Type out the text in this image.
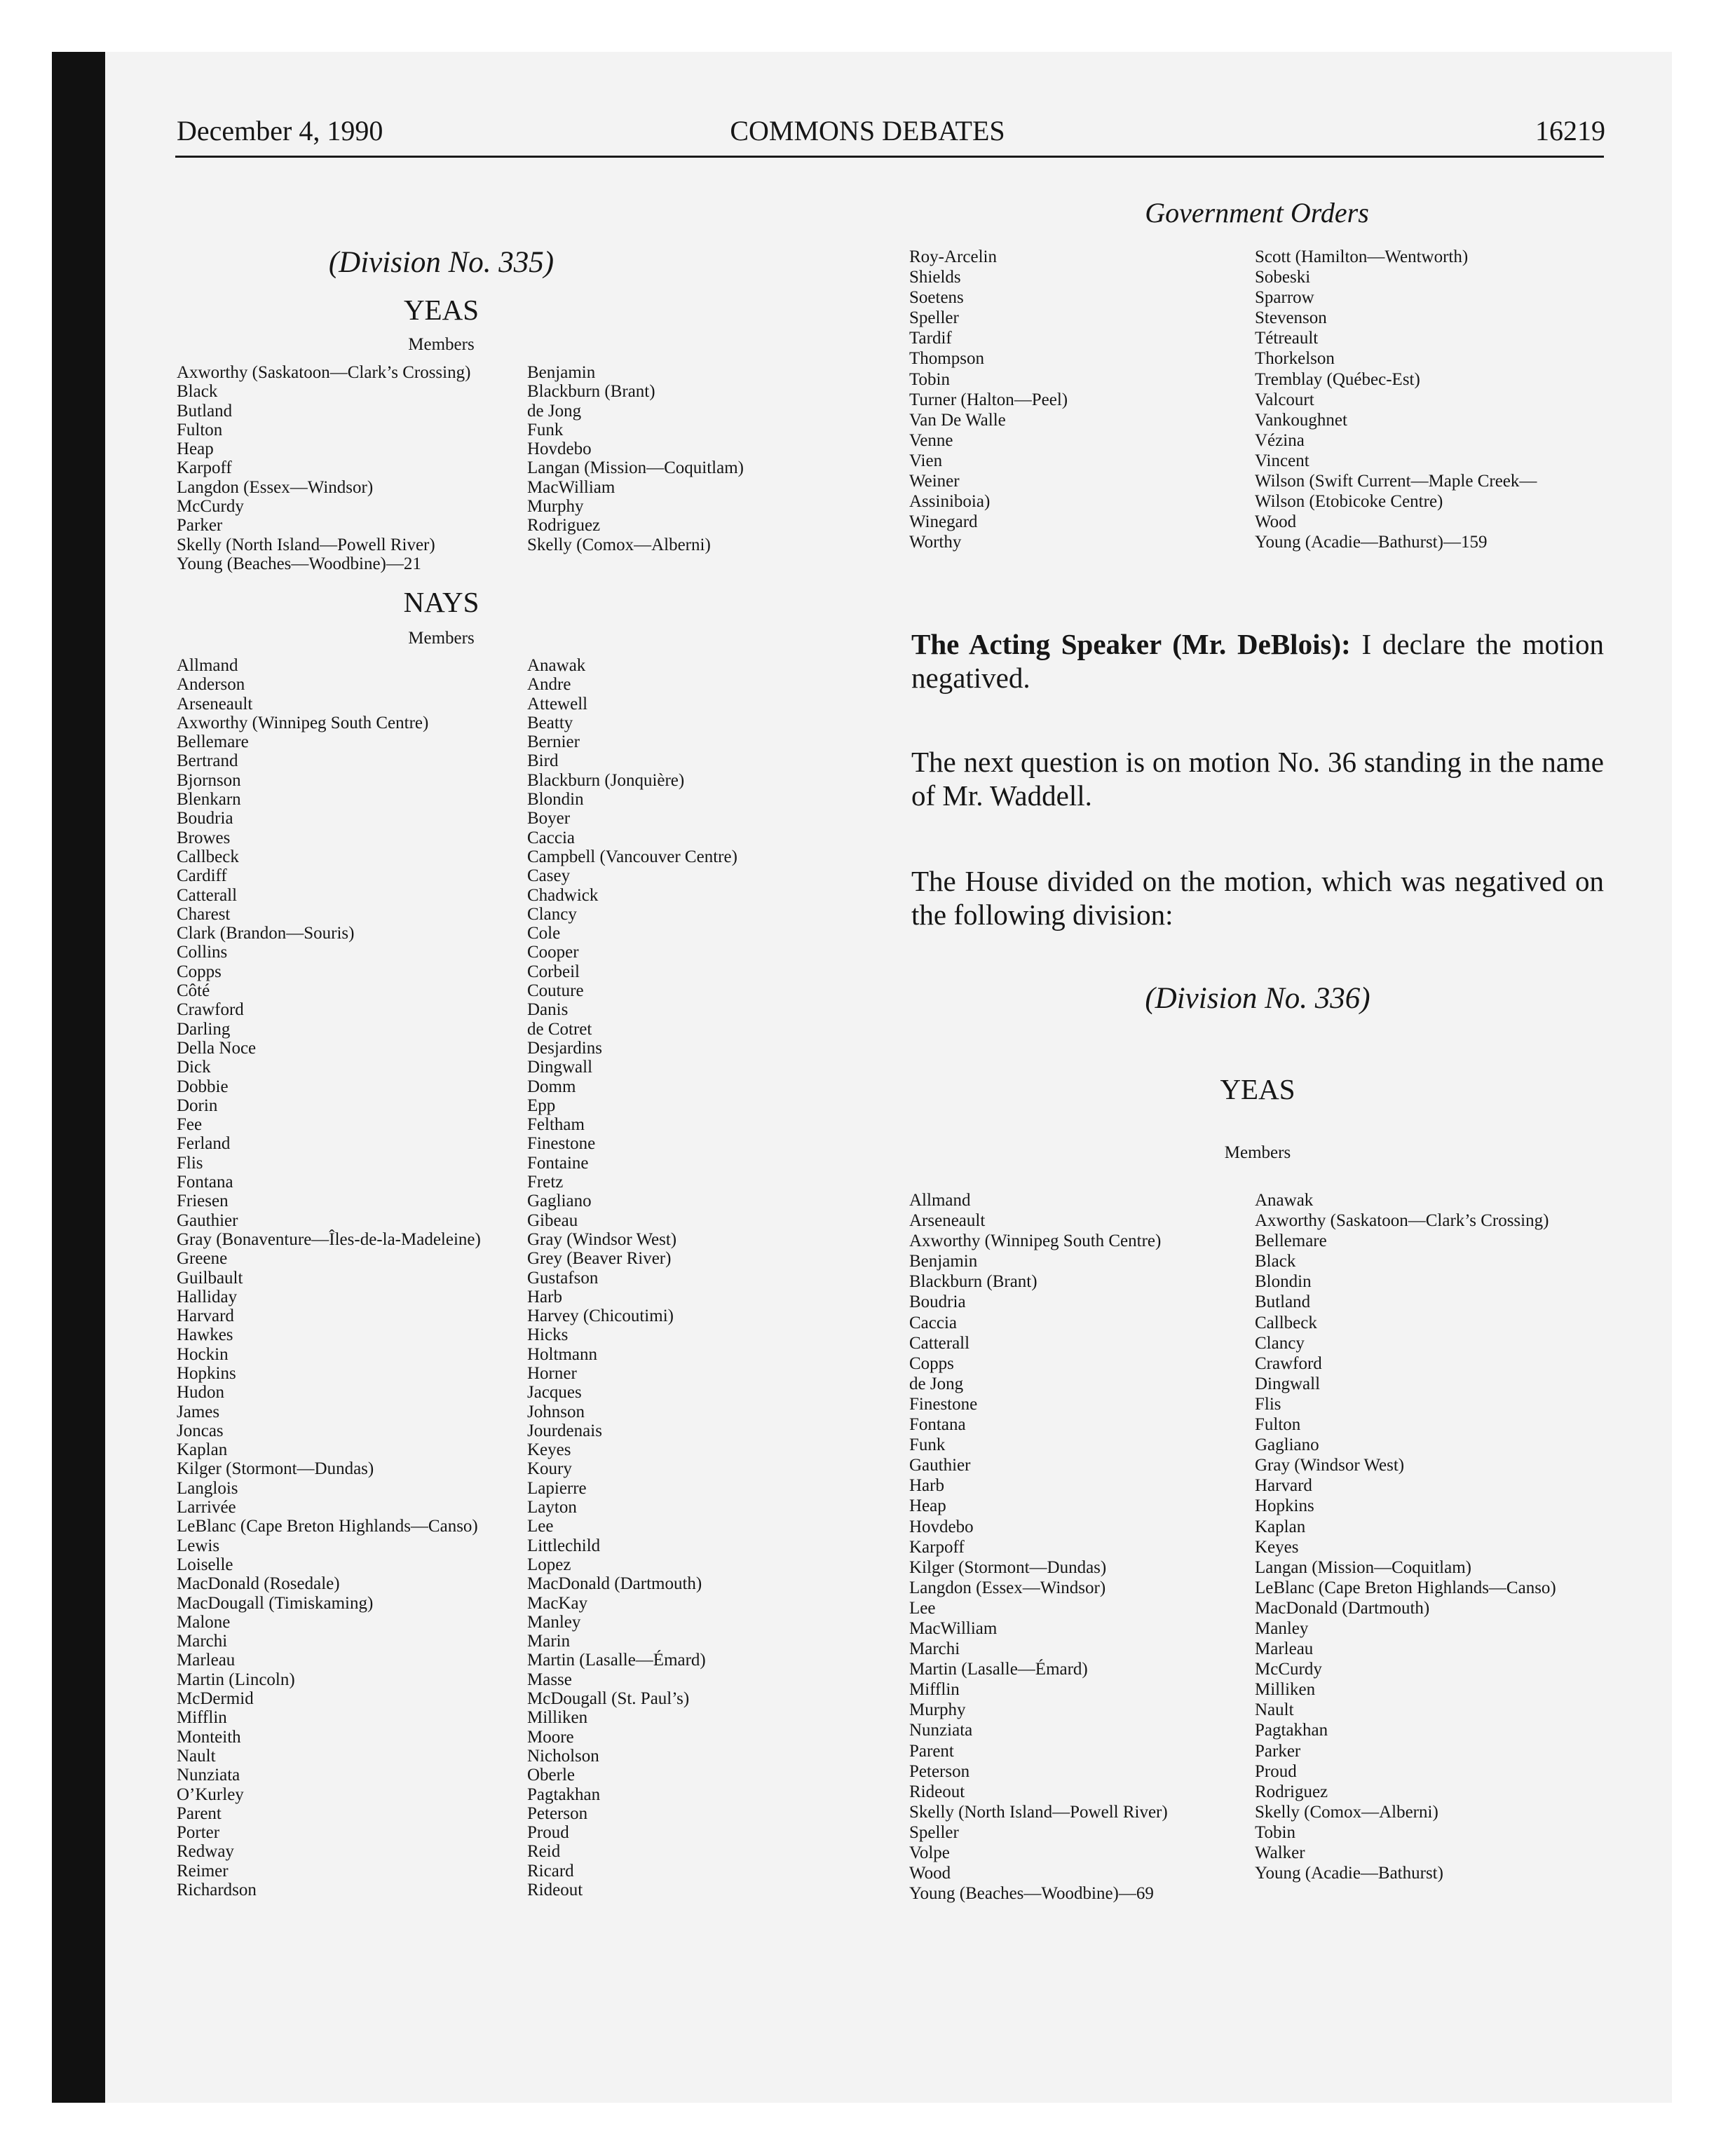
December 4, 1990	COMMONS DEBATES	16219
Government Orders
(Division No. 335)
YEAS
Members
Axworthy (Saskatoon—Clark’s Crossing)
Black
Butland
Fulton
Heap
Karpoff
Langdon (Essex—Windsor)
McCurdy
Parker
Skelly (North Island—Powell River)
Young (Beaches—Woodbine)—21
Benjamin
Blackburn (Brant)
de Jong
Funk
Hovdebo
Langan (Mission—Coquitlam)
MacWilliam
Murphy
Rodriguez
Skelly (Comox—Alberni)
NAYS
Members
Allmand
Anderson
Arseneault
Axworthy (Winnipeg South Centre)
Bellemare
Bertrand
Bjornson
Blenkarn
Boudria
Browes
Callbeck
Cardiff
Catterall
Charest
Clark (Brandon—Souris)
Collins
Copps
Côté
Crawford
Darling
Della Noce
Dick
Dobbie
Dorin
Fee
Ferland
Flis
Fontana
Friesen
Gauthier
Gray (Bonaventure—Îles-de-la-Madeleine)
Greene
Guilbault
Halliday
Harvard
Hawkes
Hockin
Hopkins
Hudon
James
Joncas
Kaplan
Kilger (Stormont—Dundas)
Langlois
Larrivée
LeBlanc (Cape Breton Highlands—Canso)
Lewis
Loiselle
MacDonald (Rosedale)
MacDougall (Timiskaming)
Malone
Marchi
Marleau
Martin (Lincoln)
McDermid
Mifflin
Monteith
Nault
Nunziata
O’Kurley
Parent
Porter
Redway
Reimer
Richardson
Anawak
Andre
Attewell
Beatty
Bernier
Bird
Blackburn (Jonquière)
Blondin
Boyer
Caccia
Campbell (Vancouver Centre)
Casey
Chadwick
Clancy
Cole
Cooper
Corbeil
Couture
Danis
de Cotret
Desjardins
Dingwall
Domm
Epp
Feltham
Finestone
Fontaine
Fretz
Gagliano
Gibeau
Gray (Windsor West)
Grey (Beaver River)
Gustafson
Harb
Harvey (Chicoutimi)
Hicks
Holtmann
Horner
Jacques
Johnson
Jourdenais
Keyes
Koury
Lapierre
Layton
Lee
Littlechild
Lopez
MacDonald (Dartmouth)
MacKay
Manley
Marin
Martin (Lasalle—Émard)
Masse
McDougall (St. Paul’s)
Milliken
Moore
Nicholson
Oberle
Pagtakhan
Peterson
Proud
Reid
Ricard
Rideout
Roy-Arcelin
Shields
Soetens
Speller
Tardif
Thompson
Tobin
Turner (Halton—Peel)
Van De Walle
Venne
Vien
Weiner
Assiniboia)
Winegard
Worthy
Scott (Hamilton—Wentworth)
Sobeski
Sparrow
Stevenson
Tétreault
Thorkelson
Tremblay (Québec-Est)
Valcourt
Vankoughnet
Vézina
Vincent
Wilson (Swift Current—Maple Creek—
Wilson (Etobicoke Centre)
Wood
Young (Acadie—Bathurst)—159

The Acting Speaker (Mr. DeBlois): I declare the motion negatived.

The next question is on motion No. 36 standing in the name of Mr. Waddell.

The House divided on the motion, which was negatived on the following division:

(Division No. 336)
YEAS
Members
Allmand
Arseneault
Axworthy (Winnipeg South Centre)
Benjamin
Blackburn (Brant)
Boudria
Caccia
Catterall
Copps
de Jong
Finestone
Fontana
Funk
Gauthier
Harb
Heap
Hovdebo
Karpoff
Kilger (Stormont—Dundas)
Langdon (Essex—Windsor)
Lee
MacWilliam
Marchi
Martin (Lasalle—Émard)
Mifflin
Murphy
Nunziata
Parent
Peterson
Rideout
Skelly (North Island—Powell River)
Speller
Volpe
Wood
Young (Beaches—Woodbine)—69
Anawak
Axworthy (Saskatoon—Clark’s Crossing)
Bellemare
Black
Blondin
Butland
Callbeck
Clancy
Crawford
Dingwall
Flis
Fulton
Gagliano
Gray (Windsor West)
Harvard
Hopkins
Kaplan
Keyes
Langan (Mission—Coquitlam)
LeBlanc (Cape Breton Highlands—Canso)
MacDonald (Dartmouth)
Manley
Marleau
McCurdy
Milliken
Nault
Pagtakhan
Parker
Proud
Rodriguez
Skelly (Comox—Alberni)
Tobin
Walker
Young (Acadie—Bathurst)
